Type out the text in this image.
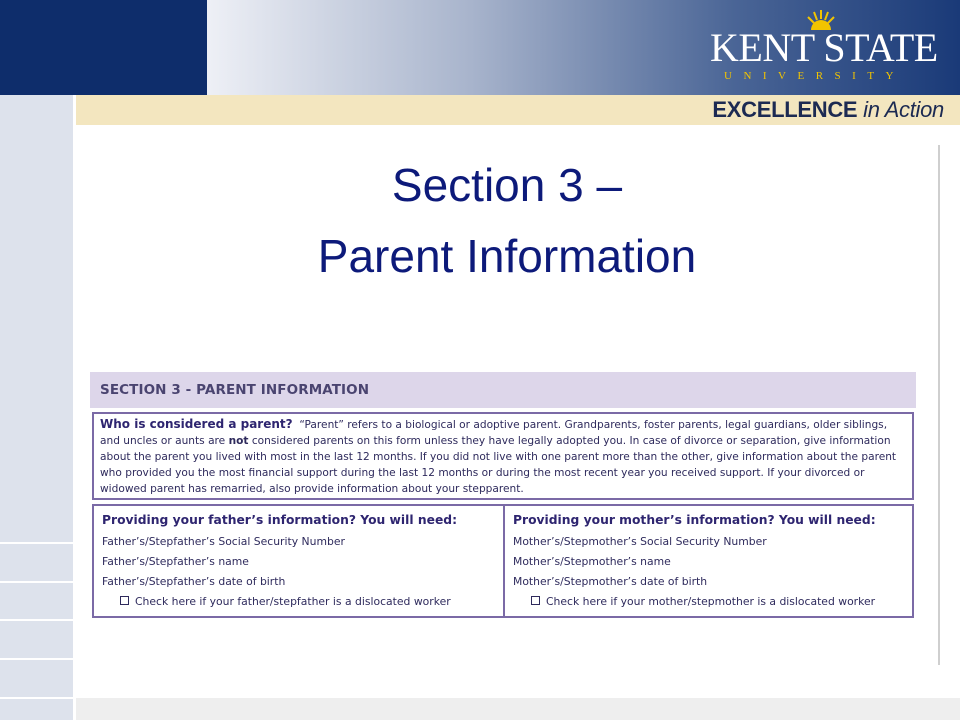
KENT STATE
UNIVERSITY
EXCELLENCE in Action
Section 3 –
Parent Information
SECTION 3 - PARENT INFORMATION

Who is considered a parent? “Parent” refers to a biological or adoptive parent. Grandparents, foster parents, legal guardians, older siblings, and uncles or aunts are not considered parents on this form unless they have legally adopted you. In case of divorce or separation, give information about the parent you lived with most in the last 12 months. If you did not live with one parent more than the other, give information about the parent who provided you the most financial support during the last 12 months or during the most recent year you received support. If your divorced or widowed parent has remarried, also provide information about your stepparent.

Providing your father’s information? You will need:
Father’s/Stepfather’s Social Security Number
Father’s/Stepfather’s name
Father’s/Stepfather’s date of birth
Check here if your father/stepfather is a dislocated worker
Providing your mother’s information? You will need:
Mother’s/Stepmother’s Social Security Number
Mother’s/Stepmother’s name
Mother’s/Stepmother’s date of birth
Check here if your mother/stepmother is a dislocated worker
